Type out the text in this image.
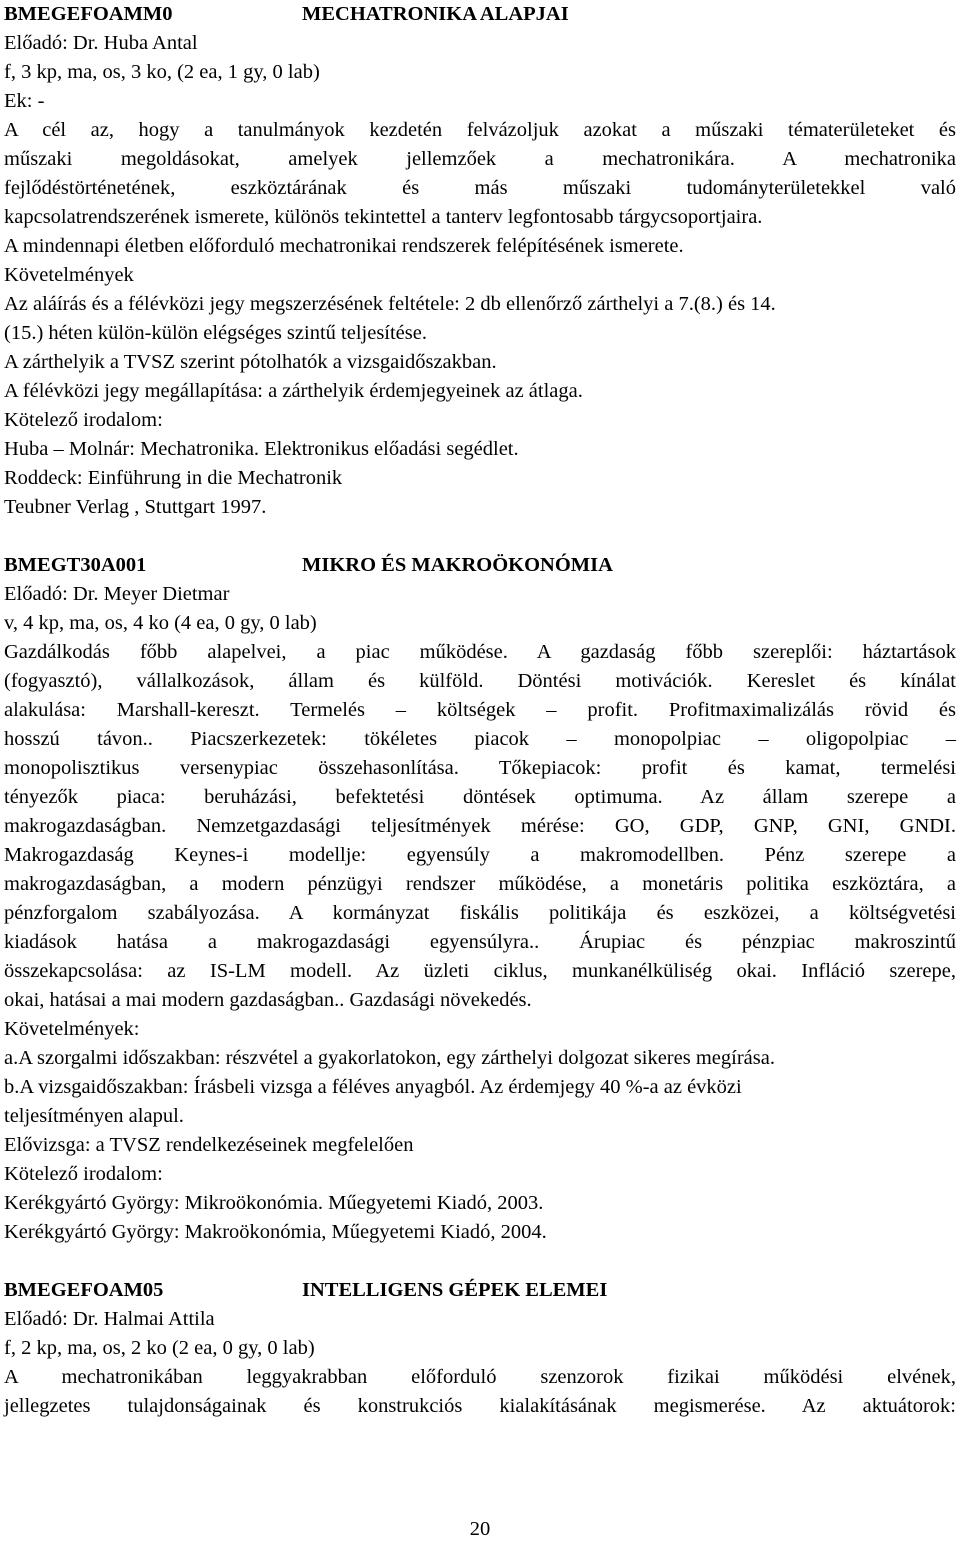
BMEGEFOAMM0	MECHATRONIKA ALAPJAI
Előadó: Dr. Huba Antal
f, 3 kp, ma, os, 3 ko, (2 ea, 1 gy, 0 lab)
Ek: -
A cél az, hogy a tanulmányok kezdetén felvázoljuk azokat a műszaki tématerületeket és
műszaki megoldásokat, amelyek jellemzőek a mechatronikára. A mechatronika
fejlődéstörténetének, eszköztárának és más műszaki tudományterületekkel való
kapcsolatrendszerének ismerete, különös tekintettel a tanterv legfontosabb tárgycsoportjaira.
A mindennapi életben előforduló mechatronikai rendszerek felépítésének ismerete.
Követelmények
Az aláírás és a félévközi jegy megszerzésének feltétele: 2 db ellenőrző zárthelyi a 7.(8.) és 14.
(15.) héten külön-külön elégséges szintű teljesítése.
A zárthelyik a TVSZ szerint pótolhatók a vizsgaidőszakban.
A félévközi jegy megállapítása: a zárthelyik érdemjegyeinek az átlaga.
Kötelező irodalom:
Huba – Molnár: Mechatronika. Elektronikus előadási segédlet.
Roddeck: Einführung in die Mechatronik
Teubner Verlag , Stuttgart 1997.
BMEGT30A001	MIKRO ÉS MAKROÖKONÓMIA
Előadó: Dr. Meyer Dietmar
v, 4 kp, ma, os, 4 ko (4 ea, 0 gy, 0 lab)
Gazdálkodás főbb alapelvei, a piac működése. A gazdaság főbb szereplői: háztartások
(fogyasztó), vállalkozások, állam és külföld. Döntési motivációk. Kereslet és kínálat
alakulása: Marshall-kereszt. Termelés – költségek – profit. Profitmaximalizálás rövid és
hosszú távon.. Piacszerkezetek: tökéletes piacok – monopolpiac – oligopolpiac –
monopolisztikus versenypiac összehasonlítása. Tőkepiacok: profit és kamat, termelési
tényezők piaca: beruházási, befektetési döntések optimuma. Az állam szerepe a
makrogazdaságban. Nemzetgazdasági teljesítmények mérése: GO, GDP, GNP, GNI, GNDI.
Makrogazdaság Keynes-i modellje: egyensúly a makromodellben. Pénz szerepe a
makrogazdaságban, a modern pénzügyi rendszer működése, a monetáris politika eszköztára, a
pénzforgalom szabályozása. A kormányzat fiskális politikája és eszközei, a költségvetési
kiadások hatása a makrogazdasági egyensúlyra.. Árupiac és pénzpiac makroszintű
összekapcsolása: az IS-LM modell. Az üzleti ciklus, munkanélküliség okai. Infláció szerepe,
okai, hatásai a mai modern gazdaságban.. Gazdasági növekedés.
Követelmények:
a.A szorgalmi időszakban: részvétel a gyakorlatokon, egy zárthelyi dolgozat sikeres megírása.
b.A vizsgaidőszakban: Írásbeli vizsga a féléves anyagból. Az érdemjegy 40 %-a az évközi
teljesítményen alapul.
Elővizsga: a TVSZ rendelkezéseinek megfelelően
Kötelező irodalom:
Kerékgyártó György: Mikroökonómia. Műegyetemi Kiadó, 2003.
Kerékgyártó György: Makroökonómia, Műegyetemi Kiadó, 2004.
BMEGEFOAM05	INTELLIGENS GÉPEK ELEMEI
Előadó: Dr. Halmai Attila
f, 2 kp, ma, os, 2 ko (2 ea, 0 gy, 0 lab)
A mechatronikában leggyakrabban előforduló szenzorok fizikai működési elvének,
jellegzetes tulajdonságainak és konstrukciós kialakításának megismerése. Az aktuátorok:
20
